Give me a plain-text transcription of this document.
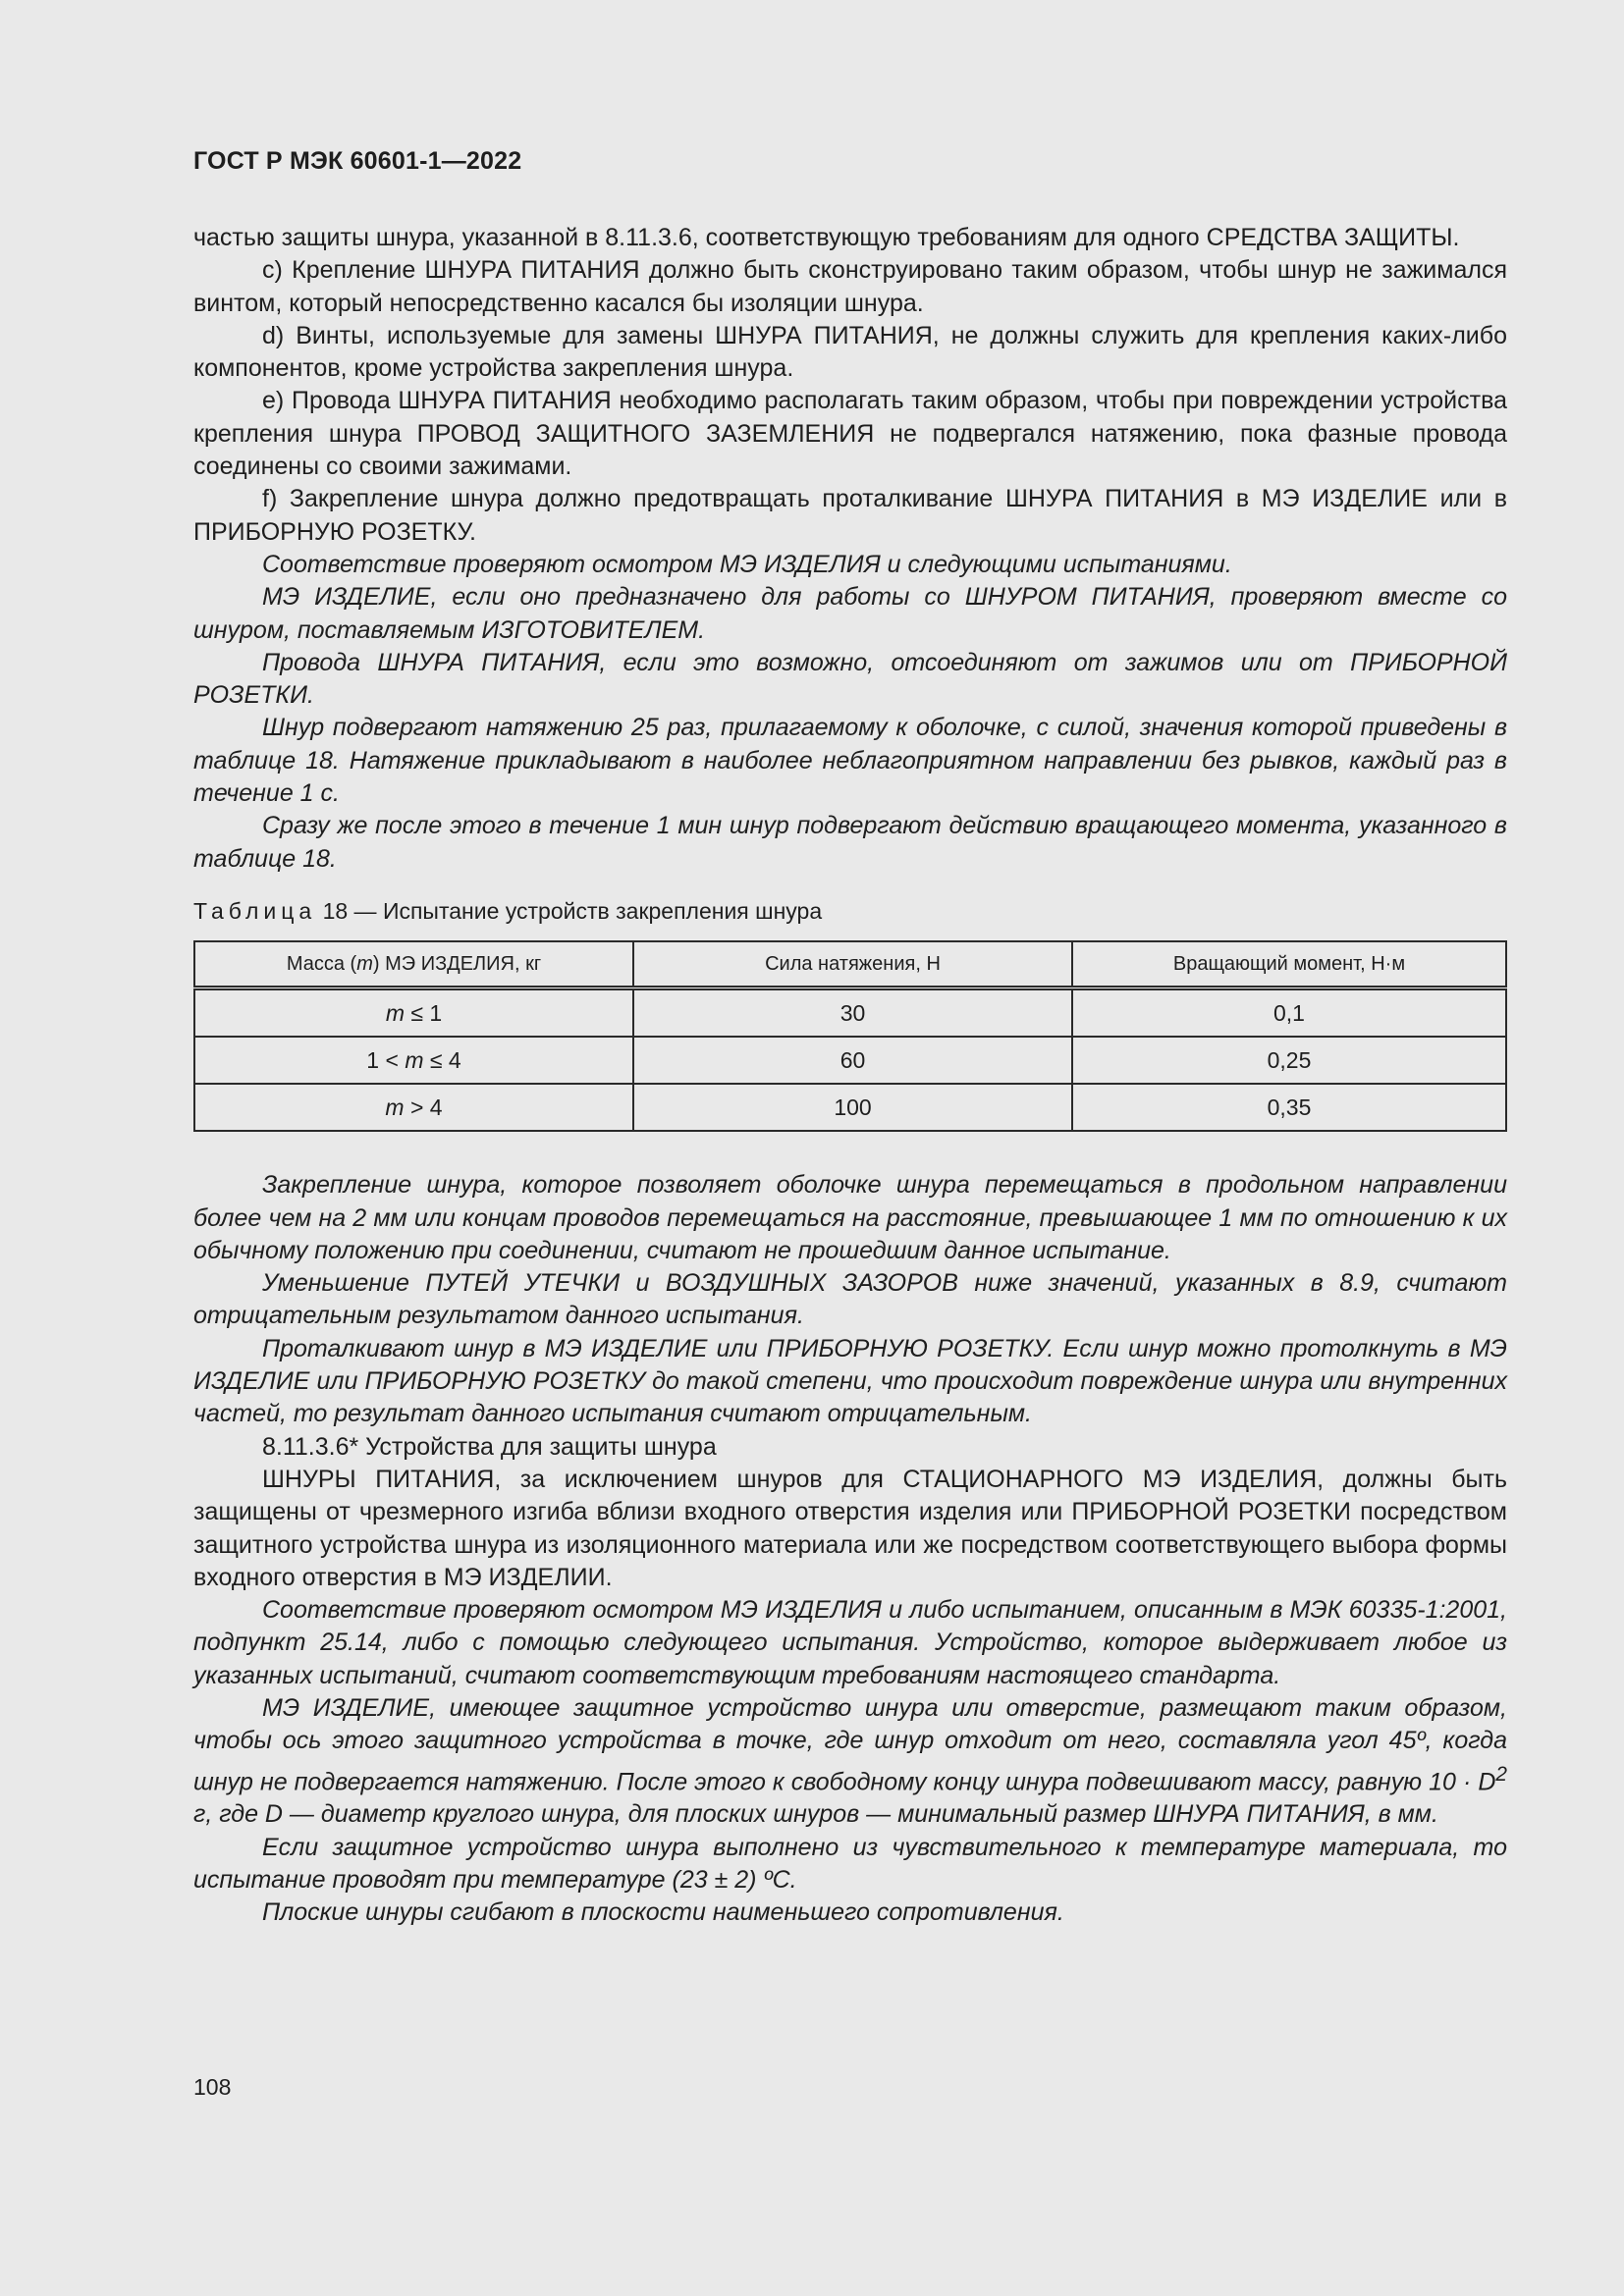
ГОСТ Р МЭК 60601-1—2022

частью защиты шнура, указанной в 8.11.3.6, соответствующую требованиям для одного СРЕДСТВА ЗАЩИТЫ.

c) Крепление ШНУРА ПИТАНИЯ должно быть сконструировано таким образом, чтобы шнур не зажимался винтом, который непосредственно касался бы изоляции шнура.

d) Винты, используемые для замены ШНУРА ПИТАНИЯ, не должны служить для крепления каких-либо компонентов, кроме устройства закрепления шнура.

e) Провода ШНУРА ПИТАНИЯ необходимо располагать таким образом, чтобы при повреждении устройства крепления шнура ПРОВОД ЗАЩИТНОГО ЗАЗЕМЛЕНИЯ не подвергался натяжению, пока фазные провода соединены со своими зажимами.

f) Закрепление шнура должно предотвращать проталкивание ШНУРА ПИТАНИЯ в МЭ ИЗДЕЛИЕ или в ПРИБОРНУЮ РОЗЕТКУ.

Соответствие проверяют осмотром МЭ ИЗДЕЛИЯ и следующими испытаниями.

МЭ ИЗДЕЛИЕ, если оно предназначено для работы со ШНУРОМ ПИТАНИЯ, проверяют вместе со шнуром, поставляемым ИЗГОТОВИТЕЛЕМ.

Провода ШНУРА ПИТАНИЯ, если это возможно, отсоединяют от зажимов или от ПРИБОРНОЙ РОЗЕТКИ.

Шнур подвергают натяжению 25 раз, прилагаемому к оболочке, с силой, значения которой приведены в таблице 18. Натяжение прикладывают в наиболее неблагоприятном направлении без рывков, каждый раз в течение 1 с.

Сразу же после этого в течение 1 мин шнур подвергают действию вращающего момента, указанного в таблице 18.

Таблица 18 — Испытание устройств закрепления шнура

Масса (m) МЭ ИЗДЕЛИЯ, кг	Сила натяжения, Н	Вращающий момент, Н·м
m ≤ 1	30	0,1
1 < m ≤ 4	60	0,25
m > 4	100	0,35

Закрепление шнура, которое позволяет оболочке шнура перемещаться в продольном направлении более чем на 2 мм или концам проводов перемещаться на расстояние, превышающее 1 мм по отношению к их обычному положению при соединении, считают не прошедшим данное испытание.

Уменьшение ПУТЕЙ УТЕЧКИ и ВОЗДУШНЫХ ЗАЗОРОВ ниже значений, указанных в 8.9, считают отрицательным результатом данного испытания.

Проталкивают шнур в МЭ ИЗДЕЛИЕ или ПРИБОРНУЮ РОЗЕТКУ. Если шнур можно протолкнуть в МЭ ИЗДЕЛИЕ или ПРИБОРНУЮ РОЗЕТКУ до такой степени, что происходит повреждение шнура или внутренних частей, то результат данного испытания считают отрицательным.

8.11.3.6* Устройства для защиты шнура

ШНУРЫ ПИТАНИЯ, за исключением шнуров для СТАЦИОНАРНОГО МЭ ИЗДЕЛИЯ, должны быть защищены от чрезмерного изгиба вблизи входного отверстия изделия или ПРИБОРНОЙ РОЗЕТКИ посредством защитного устройства шнура из изоляционного материала или же посредством соответствующего выбора формы входного отверстия в МЭ ИЗДЕЛИИ.

Соответствие проверяют осмотром МЭ ИЗДЕЛИЯ и либо испытанием, описанным в МЭК 60335-1:2001, подпункт 25.14, либо с помощью следующего испытания. Устройство, которое выдерживает любое из указанных испытаний, считают соответствующим требованиям настоящего стандарта.

МЭ ИЗДЕЛИЕ, имеющее защитное устройство шнура или отверстие, размещают таким образом, чтобы ось этого защитного устройства в точке, где шнур отходит от него, составляла угол 45º, когда шнур не подвергается натяжению. После этого к свободному концу шнура подвешивают массу, равную $10 \cdot D^2$ г, где D — диаметр круглого шнура, для плоских шнуров — минимальный размер ШНУРА ПИТАНИЯ, в мм.

Если защитное устройство шнура выполнено из чувствительного к температуре материала, то испытание проводят при температуре (23 ± 2) ºC.

Плоские шнуры сгибают в плоскости наименьшего сопротивления.

108
